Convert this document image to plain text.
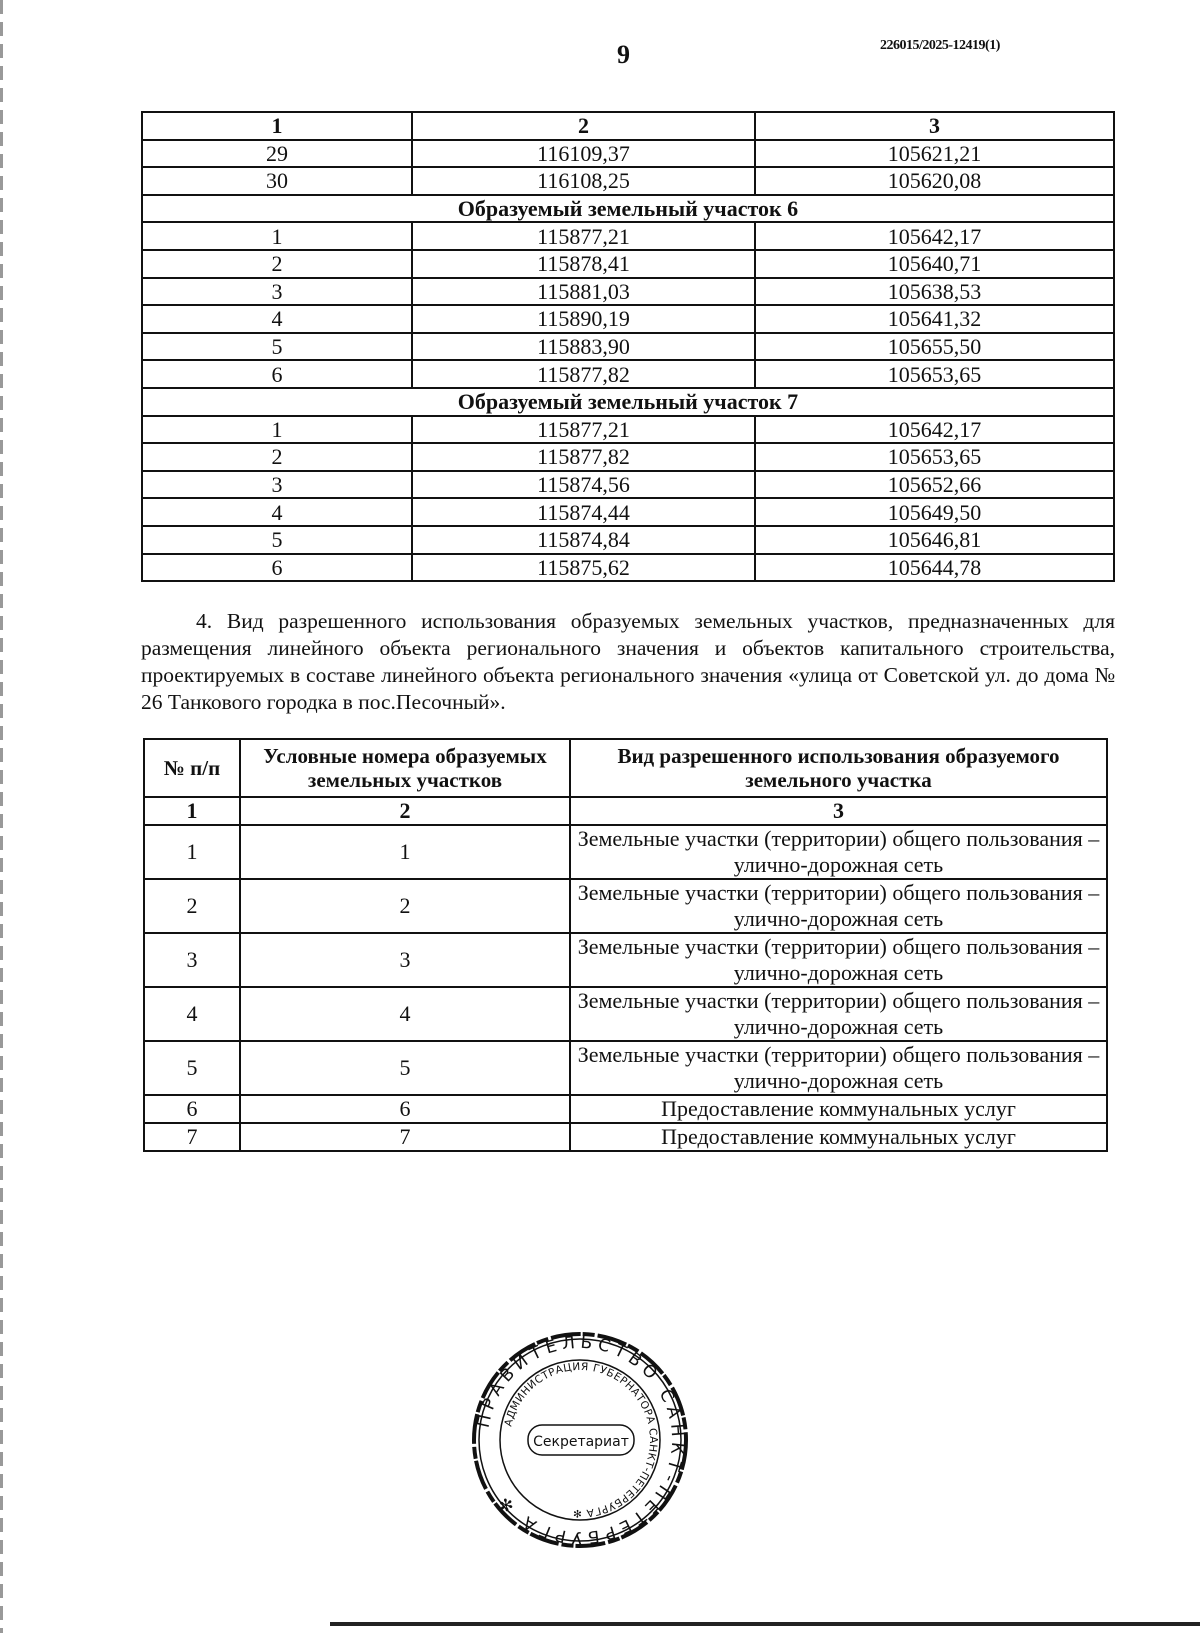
9	226015/2025-12419(1)
1	2	3
29	116109,37	105621,21
30	116108,25	105620,08
Образуемый земельный участок 6		
1	115877,21	105642,17
2	115878,41	105640,71
3	115881,03	105638,53
4	115890,19	105641,32
5	115883,90	105655,50
6	115877,82	105653,65
Образуемый земельный участок 7		
1	115877,21	105642,17
2	115877,82	105653,65
3	115874,56	105652,66
4	115874,44	105649,50
5	115874,84	105646,81
6	115875,62	105644,78
4. Вид разрешенного использования образуемых земельных участков, предназначенных для размещения линейного объекта регионального значения и объектов капитального строительства, проектируемых в составе линейного объекта регионального значения «улица от Советской ул. до дома № 26 Танкового городка в пос.Песочный».
№ п/п	Условные номера образуемых земельных участков	Вид разрешенного использования образуемого земельного участка
1	2	3
1	1	Земельные участки (территории) общего пользования – улично-дорожная сеть
2	2	Земельные участки (территории) общего пользования – улично-дорожная сеть
3	3	Земельные участки (территории) общего пользования – улично-дорожная сеть
4	4	Земельные участки (территории) общего пользования – улично-дорожная сеть
5	5	Земельные участки (территории) общего пользования – улично-дорожная сеть
6	6	Предоставление коммунальных услуг
7	7	Предоставление коммунальных услуг
ПРАВИТЕЛЬСТВО САНКТ-ПЕТЕРБУРГА ✻
АДМИНИСТРАЦИЯ ГУБЕРНАТОРА САНКТ-ПЕТЕРБУРГА ✻
Секретариат
